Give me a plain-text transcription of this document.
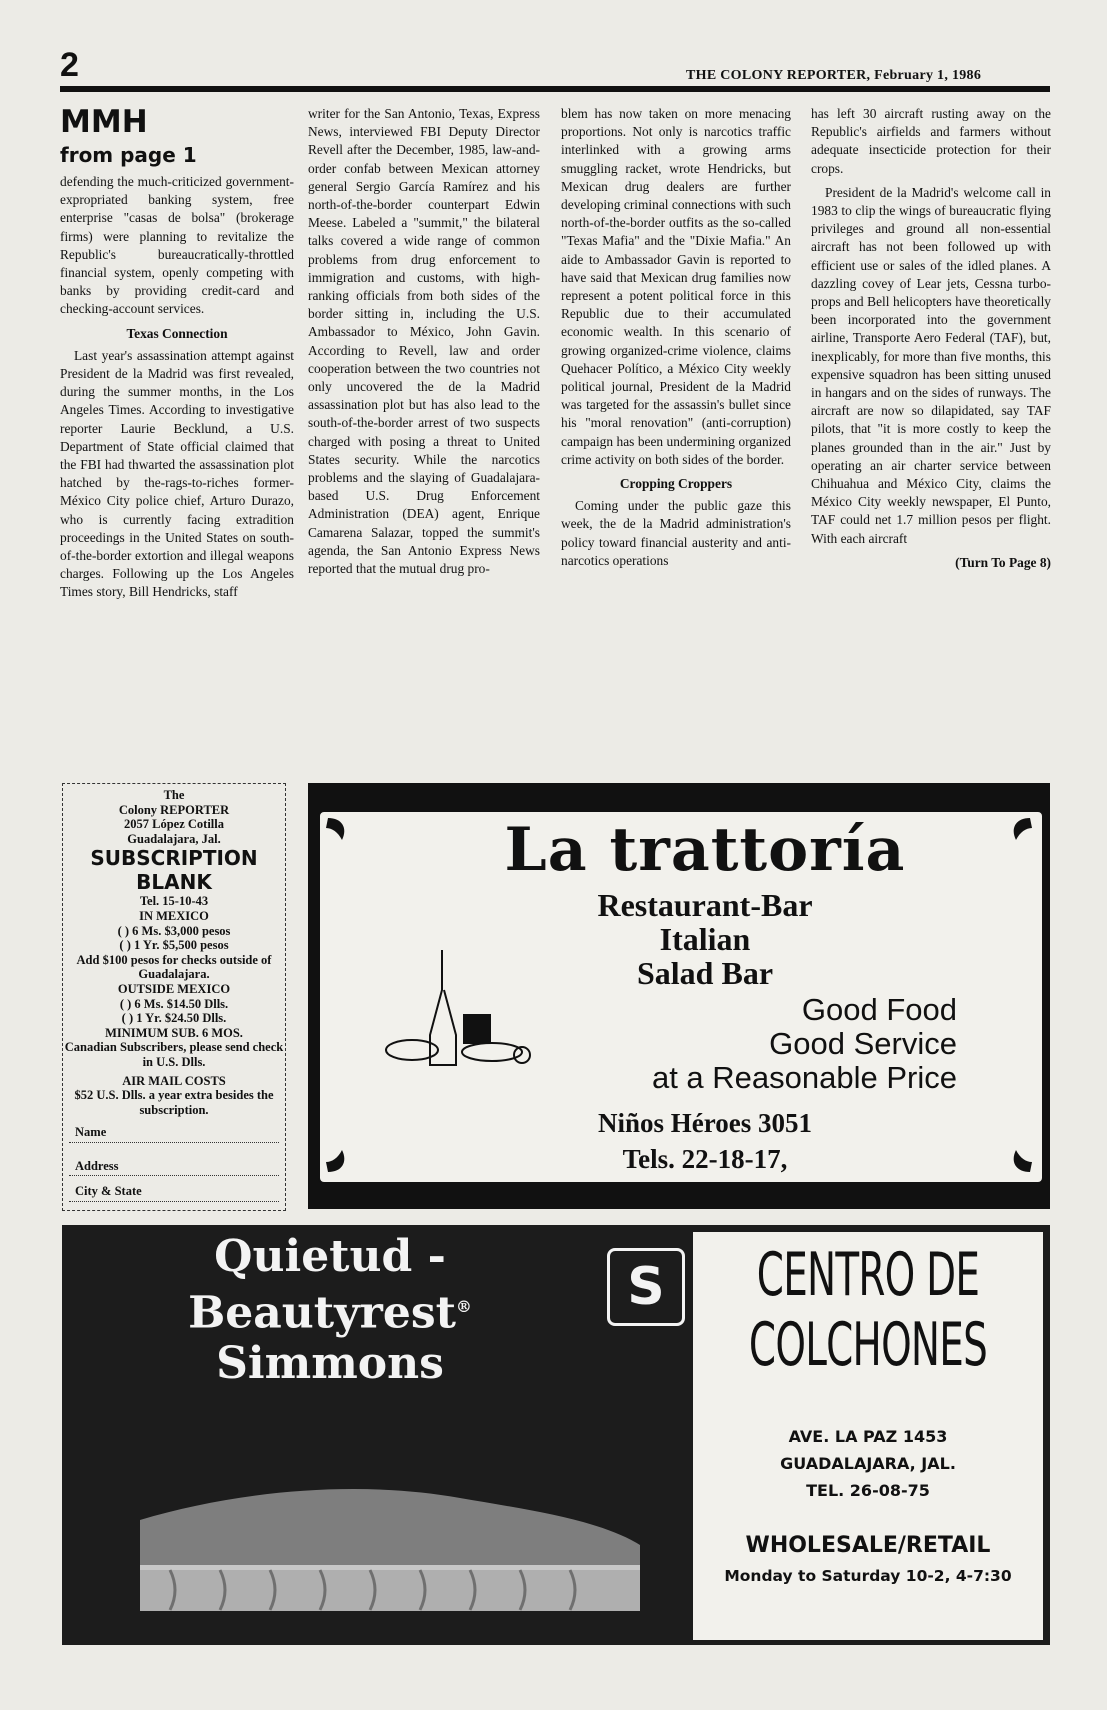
2	THE COLONY REPORTER, February 1, 1986
MMH
from page 1

defending the much-criticized government-expropriated banking system, free enterprise "casas de bolsa" (brokerage firms) were planning to revitalize the Republic's bureaucratically-throttled financial system, openly competing with banks by providing credit-card and checking-account services.

Texas Connection

Last year's assassination attempt against President de la Madrid was first revealed, during the summer months, in the Los Angeles Times. According to investigative reporter Laurie Becklund, a U.S. Department of State official claimed that the FBI had thwarted the assassination plot hatched by the-rags-to-riches former-México City police chief, Arturo Durazo, who is currently facing extradition proceedings in the United States on south-of-the-border extortion and illegal weapons charges. Following up the Los Angeles Times story, Bill Hendricks, staff

writer for the San Antonio, Texas, Express News, interviewed FBI Deputy Director Revell after the December, 1985, law-and-order confab between Mexican attorney general Sergio García Ramírez and his north-of-the-border counterpart Edwin Meese. Labeled a "summit," the bilateral talks covered a wide range of common problems from drug enforcement to immigration and customs, with high-ranking officials from both sides of the border sitting in, including the U.S. Ambassador to México, John Gavin. According to Revell, law and order cooperation between the two countries not only uncovered the de la Madrid assassination plot but has also lead to the south-of-the-border arrest of two suspects charged with posing a threat to United States security. While the narcotics problems and the slaying of Guadalajara-based U.S. Drug Enforcement Administration (DEA) agent, Enrique Camarena Salazar, topped the summit's agenda, the San Antonio Express News reported that the mutual drug pro-

blem has now taken on more menacing proportions. Not only is narcotics traffic interlinked with a growing arms smuggling racket, wrote Hendricks, but Mexican drug dealers are further developing criminal connections with such north-of-the-border outfits as the so-called "Texas Mafia" and the "Dixie Mafia." An aide to Ambassador Gavin is reported to have said that Mexican drug families now represent a potent political force in this Republic due to their accumulated economic wealth. In this scenario of growing organized-crime violence, claims Quehacer Político, a México City weekly political journal, President de la Madrid was targeted for the assassin's bullet since his "moral renovation" (anti-corruption) campaign has been undermining organized crime activity on both sides of the border.

Cropping Croppers

Coming under the public gaze this week, the de la Madrid administration's policy toward financial austerity and anti-narcotics operations

has left 30 aircraft rusting away on the Republic's airfields and farmers without adequate insecticide protection for their crops.

President de la Madrid's welcome call in 1983 to clip the wings of bureaucratic flying privileges and ground all non-essential aircraft has not been followed up with efficient use or sales of the idled planes. A dazzling covey of Lear jets, Cessna turbo-props and Bell helicopters have theoretically been incorporated into the government airline, Transporte Aero Federal (TAF), but, inexplicably, for more than five months, this expensive squadron has been sitting unused in hangars and on the sides of runways. The aircraft are now so dilapidated, say TAF pilots, that "it is more costly to keep the planes grounded than in the air." Just by operating an air charter service between Chihuahua and México City, claims the México City weekly newspaper, El Punto, TAF could net 1.7 million pesos per flight. With each aircraft

(Turn To Page 8)
The
Colony REPORTER
2057 López Cotilla
Guadalajara, Jal.
SUBSCRIPTION
BLANK
Tel. 15-10-43
IN MEXICO
( ) 6 Ms. $3,000 pesos
( ) 1 Yr. $5,500 pesos
Add $100 pesos for checks outside of Guadalajara.
OUTSIDE MEXICO
( ) 6 Ms. $14.50 Dlls.
( ) 1 Yr. $24.50 Dlls.
MINIMUM SUB. 6 MOS.
Canadian Subscribers, please send check in U.S. Dlls.
AIR MAIL COSTS
$52 U.S. Dlls. a year extra besides the subscription.
Name
Address
City & State
La trattoría
Restaurant-Bar
Italian
Salad Bar
Good Food
Good Service
at a Reasonable Price
Niños Héroes 3051
Tels. 22-18-17,
Quietud - Beautyrest®
Simmons
S	CENTRO DE
COLCHONES
AVE. LA PAZ 1453
GUADALAJARA, JAL.
TEL. 26-08-75
WHOLESALE/RETAIL
Monday to Saturday 10-2, 4-7:30
